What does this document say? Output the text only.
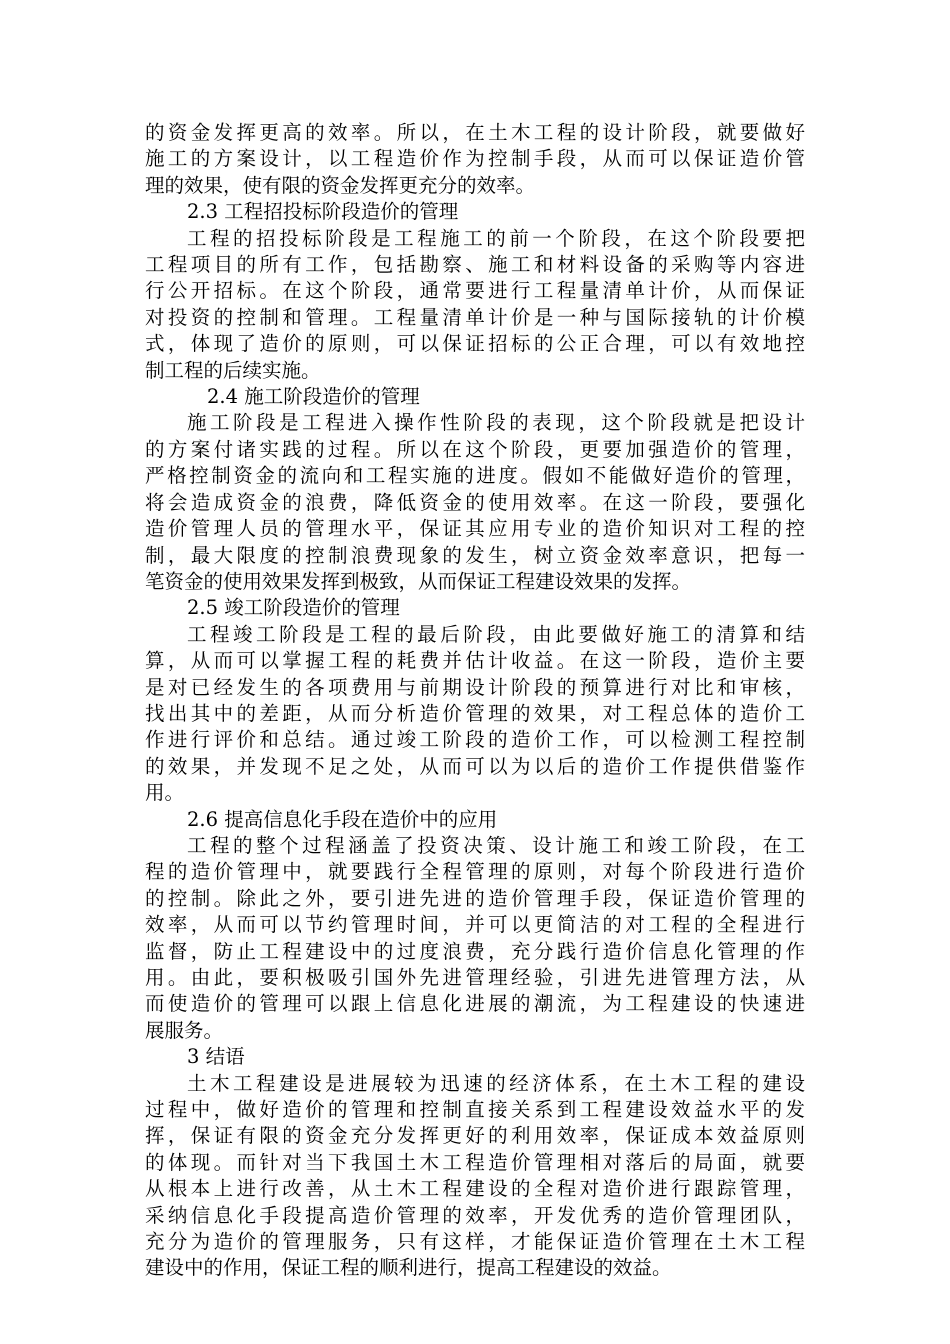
的资金发挥更高的效率。所以，在土木工程的设计阶段，就要做好
施工的方案设计，以工程造价作为控制手段，从而可以保证造价管
理的效果，使有限的资金发挥更充分的效率。
2.3 工程招投标阶段造价的管理
工程的招投标阶段是工程施工的前一个阶段，在这个阶段要把
工程项目的所有工作，包括勘察、施工和材料设备的采购等内容进
行公开招标。在这个阶段，通常要进行工程量清单计价，从而保证
对投资的控制和管理。工程量清单计价是一种与国际接轨的计价模
式，体现了造价的原则，可以保证招标的公正合理，可以有效地控
制工程的后续实施。
2.4 施工阶段造价的管理
施工阶段是工程进入操作性阶段的表现，这个阶段就是把设计
的方案付诸实践的过程。所以在这个阶段，更要加强造价的管理，
严格控制资金的流向和工程实施的进度。假如不能做好造价的管理，
将会造成资金的浪费，降低资金的使用效率。在这一阶段，要强化
造价管理人员的管理水平，保证其应用专业的造价知识对工程的控
制，最大限度的控制浪费现象的发生，树立资金效率意识，把每一
笔资金的使用效果发挥到极致，从而保证工程建设效果的发挥。
2.5 竣工阶段造价的管理
工程竣工阶段是工程的最后阶段，由此要做好施工的清算和结
算，从而可以掌握工程的耗费并估计收益。在这一阶段，造价主要
是对已经发生的各项费用与前期设计阶段的预算进行对比和审核，
找出其中的差距，从而分析造价管理的效果，对工程总体的造价工
作进行评价和总结。通过竣工阶段的造价工作，可以检测工程控制
的效果，并发现不足之处，从而可以为以后的造价工作提供借鉴作
用。
2.6 提高信息化手段在造价中的应用
工程的整个过程涵盖了投资决策、设计施工和竣工阶段，在工
程的造价管理中，就要践行全程管理的原则，对每个阶段进行造价
的控制。除此之外，要引进先进的造价管理手段，保证造价管理的
效率，从而可以节约管理时间，并可以更简洁的对工程的全程进行
监督，防止工程建设中的过度浪费，充分践行造价信息化管理的作
用。由此，要积极吸引国外先进管理经验，引进先进管理方法，从
而使造价的管理可以跟上信息化进展的潮流，为工程建设的快速进
展服务。
3 结语
土木工程建设是进展较为迅速的经济体系，在土木工程的建设
过程中，做好造价的管理和控制直接关系到工程建设效益水平的发
挥，保证有限的资金充分发挥更好的利用效率，保证成本效益原则
的体现。而针对当下我国土木工程造价管理相对落后的局面，就要
从根本上进行改善，从土木工程建设的全程对造价进行跟踪管理，
采纳信息化手段提高造价管理的效率，开发优秀的造价管理团队，
充分为造价的管理服务，只有这样，才能保证造价管理在土木工程
建设中的作用，保证工程的顺利进行，提高工程建设的效益。
